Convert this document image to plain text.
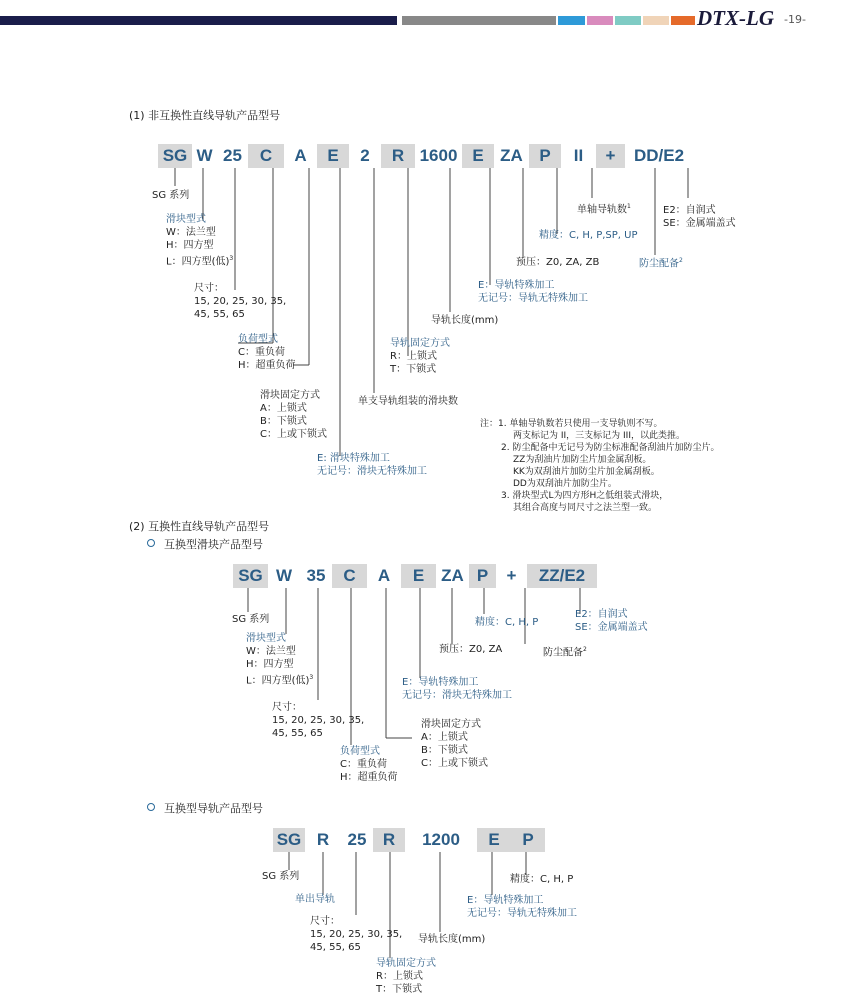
DTX-LG -19-
(1) 非互换性直线导轨产品型号
SG W 25	C	A	E	2	R 1600 E ZA P	II	+	DD/E2
SG 系列
滑块型式
W：法兰型
H：四方型
L：四方型(低)$^3$
尺寸：
15, 20, 25, 30, 35,
45, 55, 65
负荷型式
C：重负荷
H：超重负荷
滑块固定方式
A：上锁式
B：下锁式
C：上或下锁式
E: 滑块特殊加工
无记号：滑块无特殊加工
单支导轨组装的滑块数
导轨固定方式
R：上锁式
T：下锁式
导轨长度(mm)
E：导轨特殊加工
无记号：导轨无特殊加工
预压：Z0, ZA, ZB
精度：C, H, P,SP, UP
单轴导轨数$^1$
防尘配备$^2$
E2：自润式
SE：金属端盖式
注：1. 单轴导轨数若只使用一支导轨则不写。
两支标记为 II，三支标记为 III，以此类推。
2. 防尘配备中无记号为防尘标准配备刮油片加防尘片。
ZZ为刮油片加防尘片加金属刮板。
KK为双刮油片加防尘片加金属刮板。
DD为双刮油片加防尘片。
3. 滑块型式L为四方形H之低组装式滑块，
其组合高度与同尺寸之法兰型一致。
(2) 互换性直线导轨产品型号
互换型滑块产品型号
SG W 35	C	A	E ZA P	+	ZZ/E2
SG 系列
滑块型式
W：法兰型
H：四方型
L：四方型(低)$^3$
尺寸：
15, 20, 25, 30, 35,
45, 55, 65
负荷型式
C：重负荷
H：超重负荷
滑块固定方式
A：上锁式
B：下锁式
C：上或下锁式
E：导轨特殊加工
无记号：滑块无特殊加工
预压：Z0, ZA
精度：C, H, P
防尘配备$^2$
E2：自润式
SE：金属端盖式
互换型导轨产品型号
SG R	25 R	1200	E	P
SG 系列
单出导轨
尺寸：
15, 20, 25, 30, 35,
45, 55, 65
导轨固定方式
R：上锁式
T：下锁式
导轨长度(mm)
E：导轨特殊加工
无记号：导轨无特殊加工
精度：C, H, P
